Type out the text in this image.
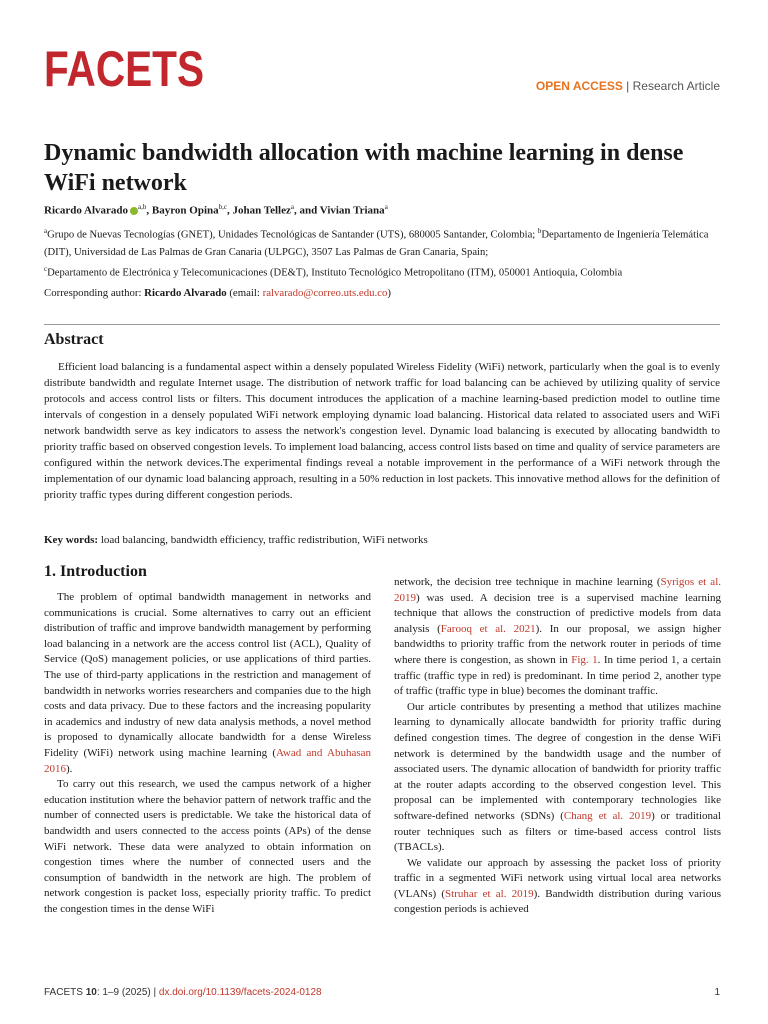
FACETS	OPEN ACCESS | Research Article
Dynamic bandwidth allocation with machine learning in dense WiFi network
Ricardo Alvarado $^{a,b}$, Bayron Opina$^{b,c}$, Johan Tellez$^a$, and Vivian Triana$^a$
$^a$Grupo de Nuevas Tecnologías (GNET), Unidades Tecnológicas de Santander (UTS), 680005 Santander, Colombia; $^b$Departamento de Ingeniería Telemática (DIT), Universidad de Las Palmas de Gran Canaria (ULPGC), 3507 Las Palmas de Gran Canaria, Spain;
$^c$Departamento de Electrónica y Telecomunicaciones (DE&T), Instituto Tecnológico Metropolitano (ITM), 050001 Antioquia, Colombia
Corresponding author: Ricardo Alvarado (email: ralvarado@correo.uts.edu.co)
Abstract

Efficient load balancing is a fundamental aspect within a densely populated Wireless Fidelity (WiFi) network, particularly when the goal is to evenly distribute bandwidth and regulate Internet usage. The distribution of network traffic for load balancing can be achieved by utilizing quality of service protocols and access control lists or filters. This document introduces the application of a machine learning-based prediction model to outline time intervals of congestion in a densely populated WiFi network employing dynamic load balancing. Historical data related to associated users and WiFi network bandwidth serve as key indicators to assess the network's congestion level. Dynamic load balancing is executed by allocating bandwidth to priority traffic based on observed congestion levels. To implement load balancing, access control lists based on time and quality of service parameters are configured within the network devices.The experimental findings reveal a notable improvement in the performance of a WiFi network through the implementation of our dynamic load balancing approach, resulting in a 50% reduction in lost packets. This innovative method allows for the definition of priority traffic types during different congestion periods.

Key words: load balancing, bandwidth efficiency, traffic redistribution, WiFi networks
1. Introduction

The problem of optimal bandwidth management in networks and communications is crucial. Some alternatives to carry out an efficient distribution of traffic and improve bandwidth management by performing load balancing in a network are the access control list (ACL), Quality of Service (QoS) management policies, or use applications of third parties. The use of third-party applications in the restriction and management of bandwidth in networks worries researchers and companies due to the high costs and data privacy. Due to these factors and the increasing popularity in academics and industry of new data analysis methods, a novel method is proposed to dynamically allocate bandwidth for a dense Wireless Fidelity (WiFi) network using machine learning (Awad and Abuhasan 2016).

To carry out this research, we used the campus network of a higher education institution where the behavior pattern of network traffic and the number of connected users is predictable. We take the historical data of bandwidth and users connected to the access points (APs) of the dense WiFi network. These data were analyzed to obtain information on congestion times where the number of connected users and the consumption of bandwidth in the network are high. The problem of network congestion is packet loss, especially priority traffic. To predict the congestion times in the dense WiFi

network, the decision tree technique in machine learning (Syrigos et al. 2019) was used. A decision tree is a supervised machine learning technique that allows the construction of predictive models from data analysis (Farooq et al. 2021). In our proposal, we assign higher bandwidths to priority traffic from the network router in periods of time where there is congestion, as shown in Fig. 1. In time period 1, a certain traffic (traffic type in red) is predominant. In time period 2, another type of traffic (traffic type in blue) becomes the dominant traffic.

Our article contributes by presenting a method that utilizes machine learning to dynamically allocate bandwidth for priority traffic during defined congestion times. The degree of congestion in the dense WiFi network is determined by the bandwidth usage and the number of associated users. The dynamic allocation of bandwidth for priority traffic at the router adapts according to the observed congestion level. This proposal can be implemented with contemporary technologies like software-defined networks (SDNs) (Chang et al. 2019) or traditional router techniques such as filters or time-based access control lists (TBACLs).

We validate our approach by assessing the packet loss of priority traffic in a segmented WiFi network using virtual local area networks (VLANs) (Struhar et al. 2019). Bandwidth distribution during various congestion periods is achieved

FACETS 10: 1–9 (2025) | dx.doi.org/10.1139/facets-2024-0128	1
